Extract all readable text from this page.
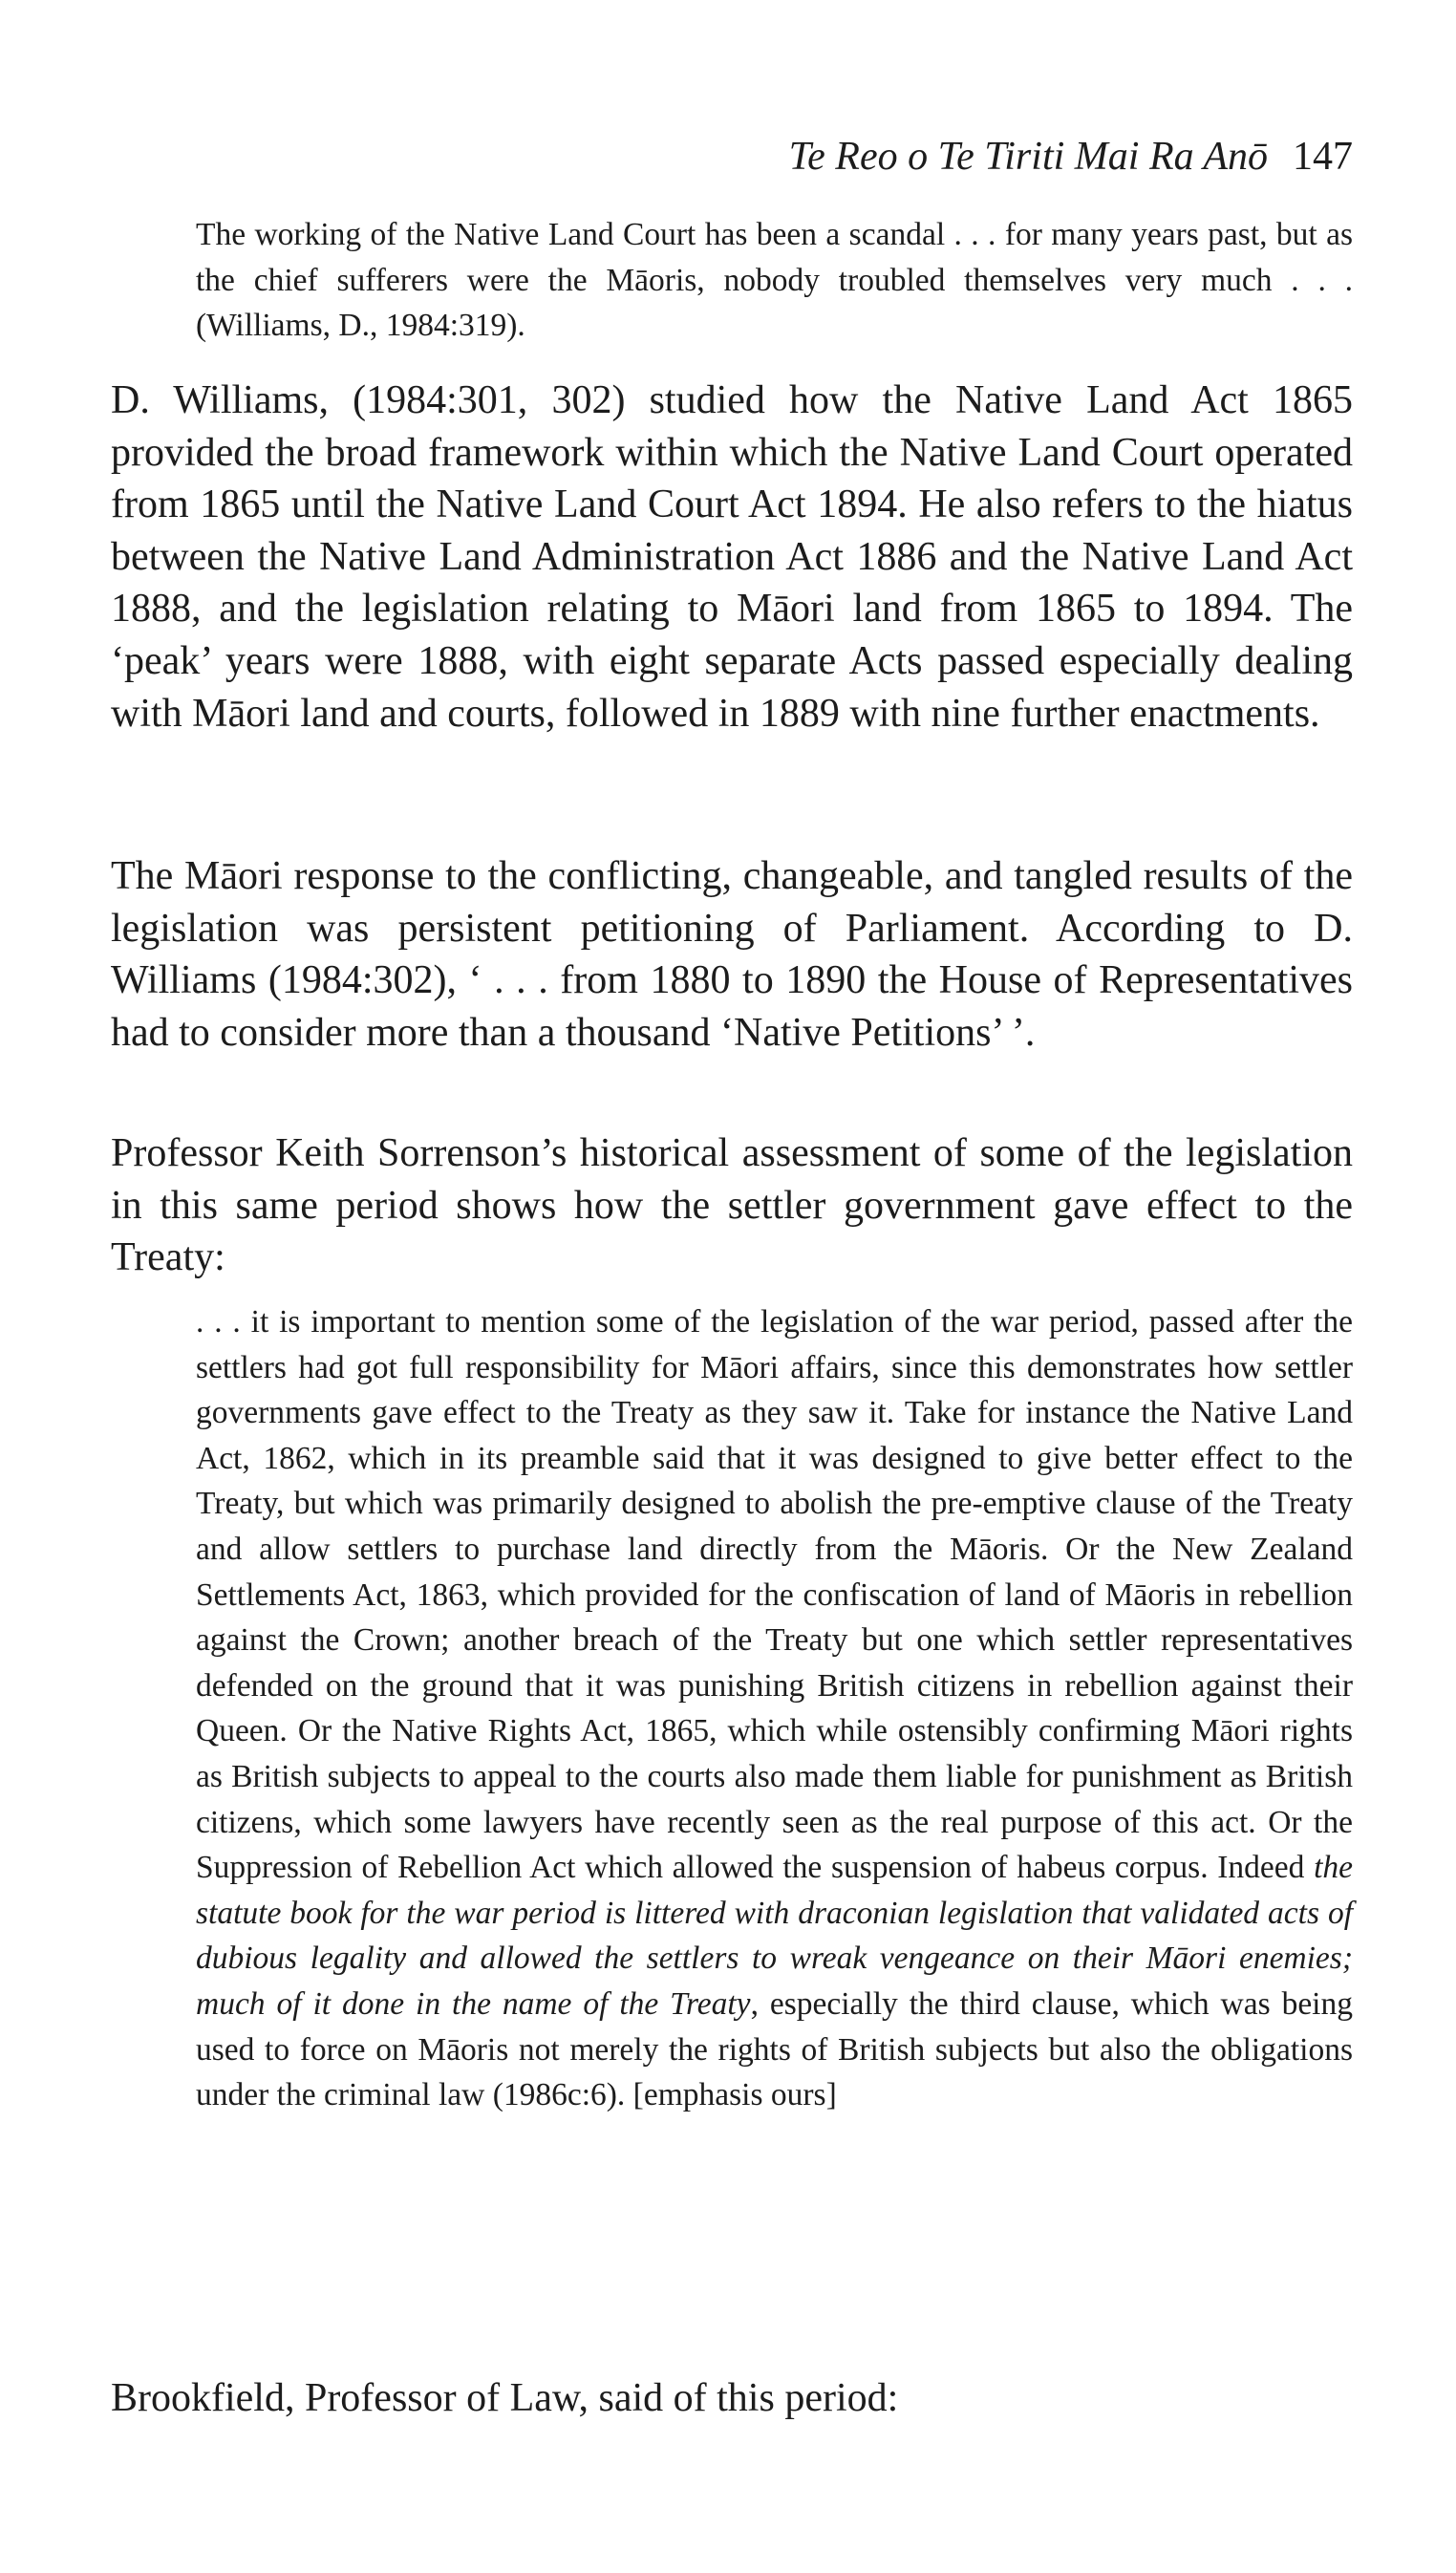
Te Reo o Te Tiriti Mai Ra Anō 147
The working of the Native Land Court has been a scandal . . . for many years past, but as the chief sufferers were the Māoris, nobody troubled themselves very much . . . (Williams, D., 1984:319).

D. Williams, (1984:301, 302) studied how the Native Land Act 1865 provided the broad framework within which the Native Land Court operated from 1865 until the Native Land Court Act 1894. He also refers to the hiatus between the Native Land Administration Act 1886 and the Native Land Act 1888, and the legislation relating to Māori land from 1865 to 1894. The ‘peak’ years were 1888, with eight separate Acts passed especially dealing with Māori land and courts, followed in 1889 with nine further enactments.

The Māori response to the conflicting, changeable, and tangled results of the legislation was persistent petitioning of Parliament. According to D. Williams (1984:302), ‘ . . . from 1880 to 1890 the House of Representatives had to consider more than a thousand ‘Native Petitions’ ’.

Professor Keith Sorrenson’s historical assessment of some of the legislation in this same period shows how the settler government gave effect to the Treaty:

. . . it is important to mention some of the legislation of the war period, passed after the settlers had got full responsibility for Māori affairs, since this demonstrates how settler governments gave effect to the Treaty as they saw it. Take for instance the Native Land Act, 1862, which in its preamble said that it was designed to give better effect to the Treaty, but which was primarily designed to abolish the pre-emptive clause of the Treaty and allow settlers to purchase land directly from the Māoris. Or the New Zealand Settlements Act, 1863, which provided for the confiscation of land of Māoris in rebellion against the Crown; another breach of the Treaty but one which settler representatives defended on the ground that it was punishing British citizens in rebellion against their Queen. Or the Native Rights Act, 1865, which while ostensibly confirming Māori rights as British subjects to appeal to the courts also made them liable for punishment as British citizens, which some lawyers have recently seen as the real purpose of this act. Or the Suppression of Rebellion Act which allowed the suspension of habeus corpus. Indeed the statute book for the war period is littered with draconian legislation that validated acts of dubious legality and allowed the settlers to wreak vengeance on their Māori enemies; much of it done in the name of the Treaty, especially the third clause, which was being used to force on Māoris not merely the rights of British subjects but also the obligations under the criminal law (1986c:6). [emphasis ours]

Brookfield, Professor of Law, said of this period:
